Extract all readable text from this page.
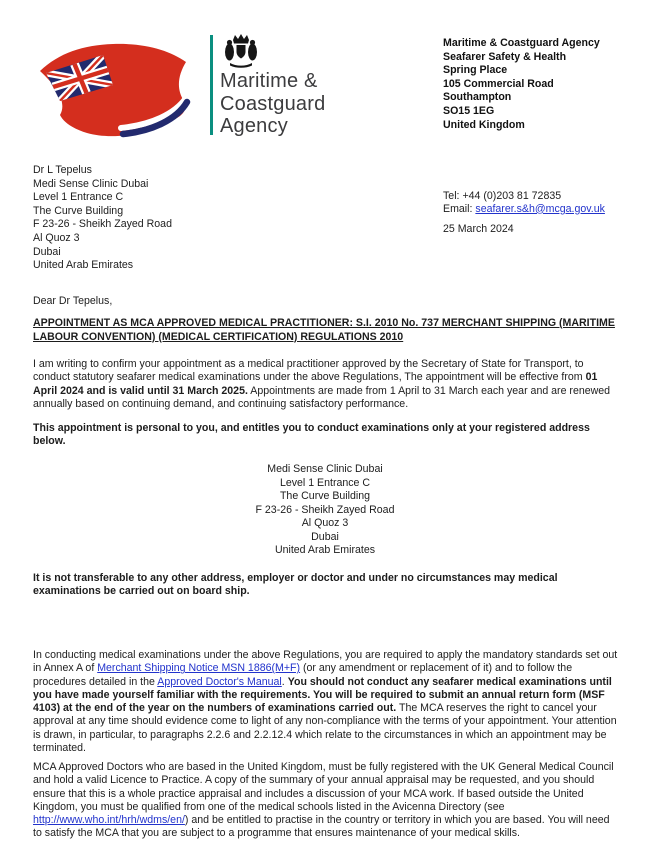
Maritime &
Coastguard
Agency
Maritime & Coastguard Agency
Seafarer Safety & Health
Spring Place
105 Commercial Road
Southampton
SO15 1EG
United Kingdom
Dr L Tepelus
Medi Sense Clinic Dubai
Level 1 Entrance C
The Curve Building
F 23-26 - Sheikh Zayed Road
Al Quoz 3
Dubai
United Arab Emirates
Tel: +44 (0)203 81 72835
Email: seafarer.s&h@mcga.gov.uk
25 March 2024
Dear Dr Tepelus,
APPOINTMENT AS MCA APPROVED MEDICAL PRACTITIONER: S.I. 2010 No. 737 MERCHANT SHIPPING (MARITIME
LABOUR CONVENTION) (MEDICAL CERTIFICATION) REGULATIONS 2010
I am writing to confirm your appointment as a medical practitioner approved by the Secretary of State for Transport, to conduct statutory seafarer medical examinations under the above Regulations, The appointment will be effective from 01 April 2024 and is valid until 31 March 2025. Appointments are made from 1 April to 31 March each year and are renewed annually based on continuing demand, and continuing satisfactory performance.
This appointment is personal to you, and entitles you to conduct examinations only at your registered address below.
Medi Sense Clinic Dubai
Level 1 Entrance C
The Curve Building
F 23-26 - Sheikh Zayed Road
Al Quoz 3
Dubai
United Arab Emirates
It is not transferable to any other address, employer or doctor and under no circumstances may medical examinations be carried out on board ship.
In conducting medical examinations under the above Regulations, you are required to apply the mandatory standards set out in Annex A of Merchant Shipping Notice MSN 1886(M+F) (or any amendment or replacement of it) and to follow the procedures detailed in the Approved Doctor's Manual. You should not conduct any seafarer medical examinations until you have made yourself familiar with the requirements. You will be required to submit an annual return form (MSF 4103) at the end of the year on the numbers of examinations carried out. The MCA reserves the right to cancel your approval at any time should evidence come to light of any non-compliance with the terms of your appointment. Your attention is drawn, in particular, to paragraphs 2.2.6 and 2.2.12.4 which relate to the circumstances in which an appointment may be terminated.
MCA Approved Doctors who are based in the United Kingdom, must be fully registered with the UK General Medical Council and hold a valid Licence to Practice. A copy of the summary of your annual appraisal may be requested, and you should ensure that this is a whole practice appraisal and includes a discussion of your MCA work. If based outside the United Kingdom, you must be qualified from one of the medical schools listed in the Avicenna Directory (see http://www.who.int/hrh/wdms/en/) and be entitled to practise in the country or territory in which you are based. You will need to satisfy the MCA that you are subject to a programme that ensures maintenance of your medical skills.
